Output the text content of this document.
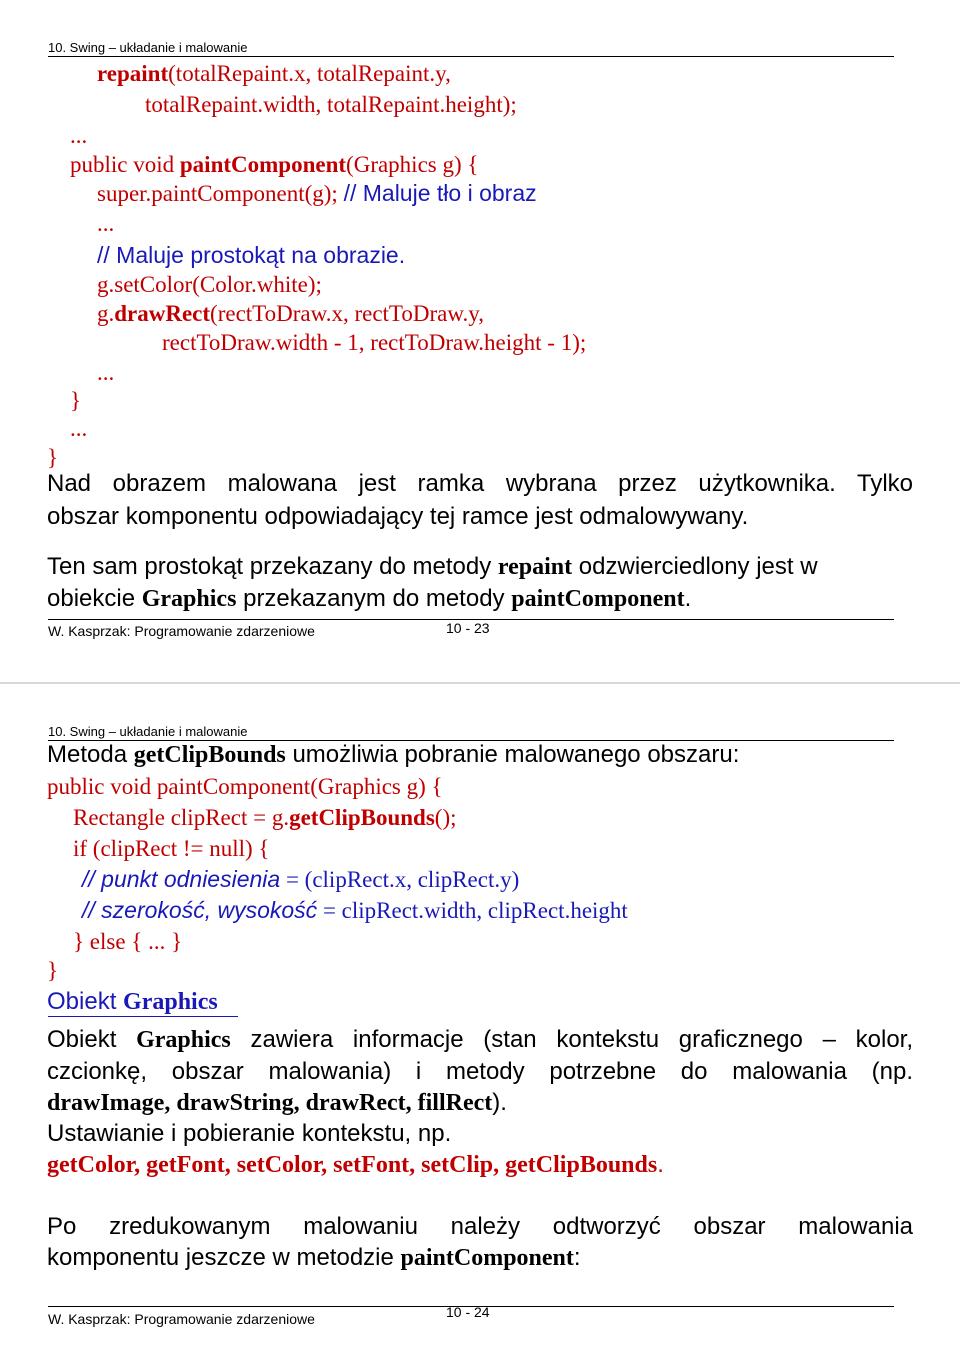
10. Swing – układanie i malowanie
repaint(totalRepaint.x, totalRepaint.y,
totalRepaint.width, totalRepaint.height);
...
public void paintComponent(Graphics g) {
super.paintComponent(g); // Maluje tło i obraz
...
// Maluje prostokąt na obrazie.
g.setColor(Color.white);
g.drawRect(rectToDraw.x, rectToDraw.y,
rectToDraw.width - 1, rectToDraw.height - 1);
...
}
...
}
Nad obrazem malowana jest ramka wybrana przez użytkownika. Tylko
obszar komponentu odpowiadający tej ramce jest odmalowywany.
Ten sam prostokąt przekazany do metody repaint odzwierciedlony jest w
obiekcie Graphics przekazanym do metody paintComponent.
W. Kasprzak: Programowanie zdarzeniowe	10 - 23
10. Swing – układanie i malowanie
Metoda getClipBounds umożliwia pobranie malowanego obszaru:
public void paintComponent(Graphics g) {
Rectangle clipRect = g.getClipBounds();
if (clipRect != null) {
// punkt odniesienia = (clipRect.x, clipRect.y)
// szerokość, wysokość = clipRect.width, clipRect.height
} else { ... }
}
Obiekt Graphics
Obiekt Graphics zawiera informacje (stan kontekstu graficznego – kolor,
czcionkę, obszar malowania) i metody potrzebne do malowania (np.
drawImage, drawString, drawRect, fillRect).
Ustawianie i pobieranie kontekstu, np.
getColor, getFont, setColor, setFont, setClip, getClipBounds.
Po zredukowanym malowaniu należy odtworzyć obszar malowania
komponentu jeszcze w metodzie paintComponent:
W. Kasprzak: Programowanie zdarzeniowe	10 - 24
